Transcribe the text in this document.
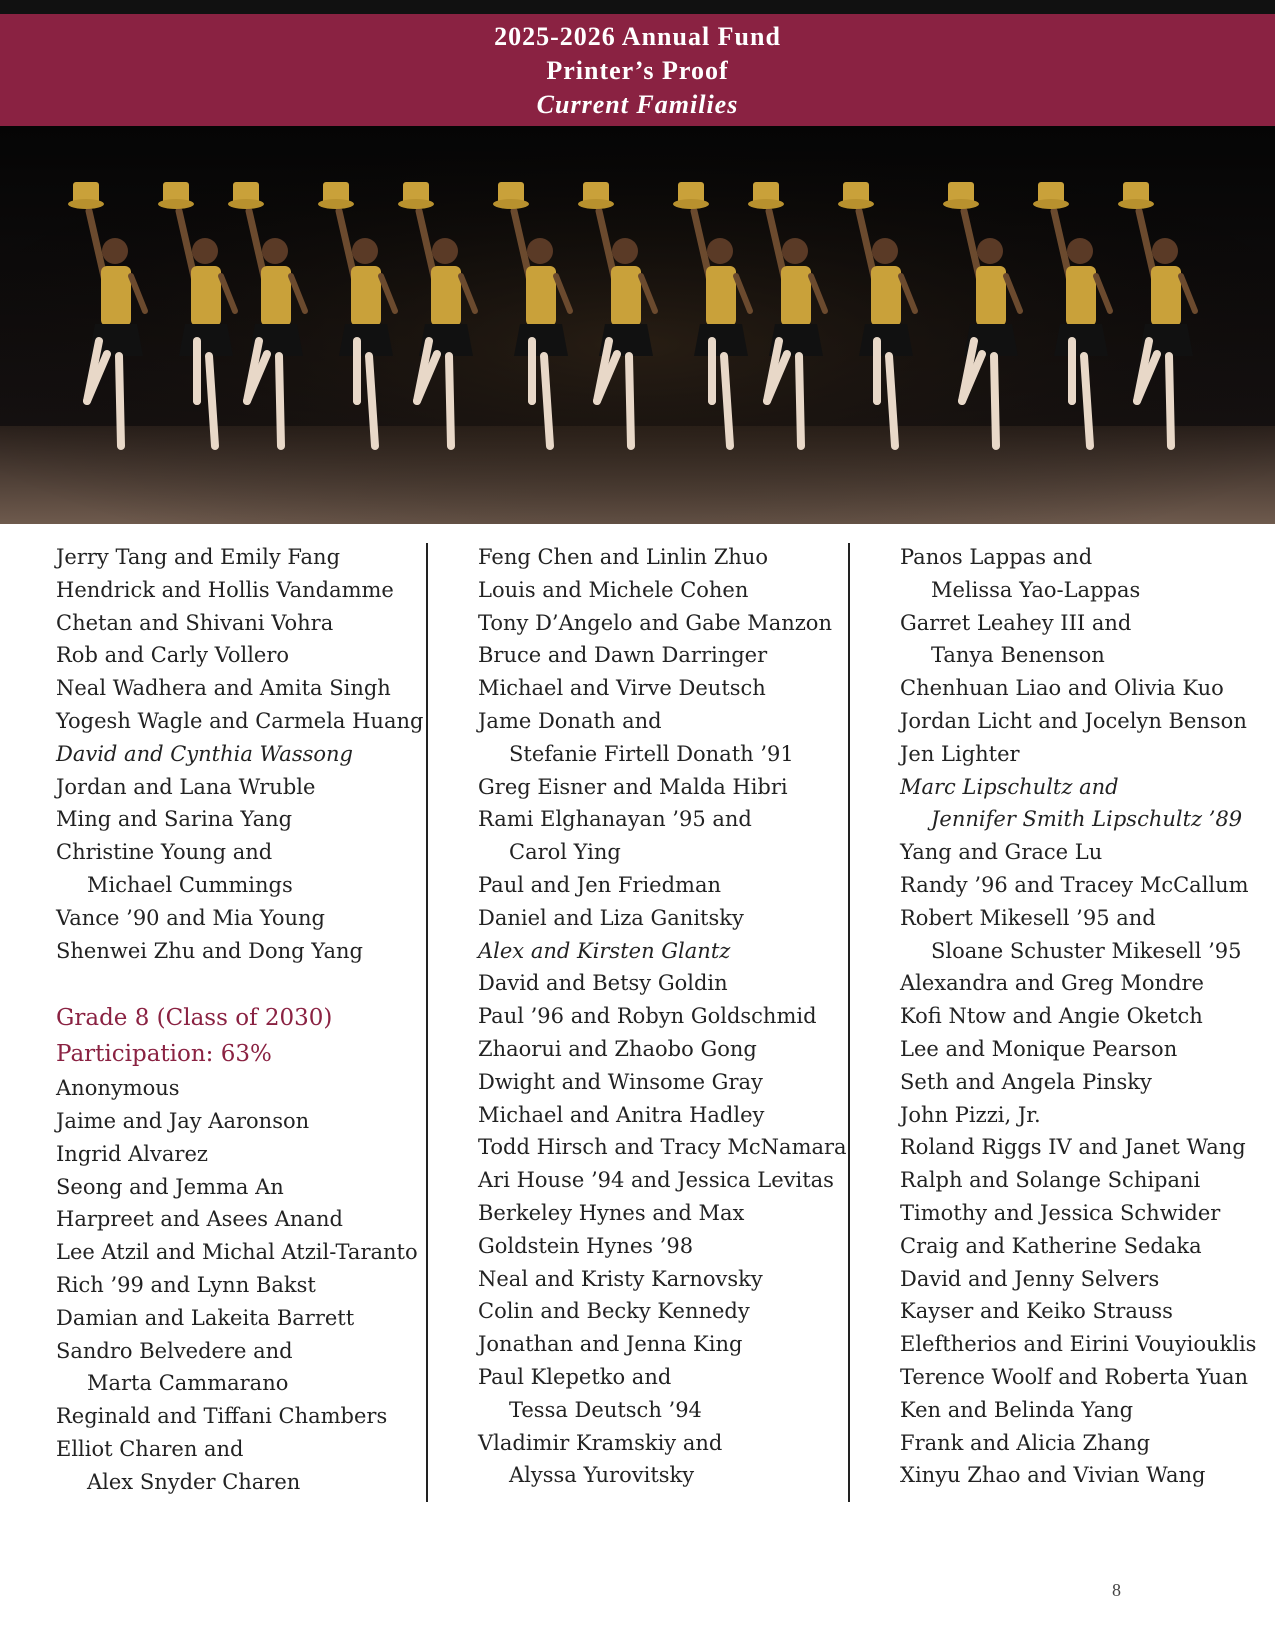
2025-2026 Annual Fund
Printer’s Proof
Current Families
Jerry Tang and Emily Fang
Hendrick and Hollis Vandamme
Chetan and Shivani Vohra
Rob and Carly Vollero
Neal Wadhera and Amita Singh
Yogesh Wagle and Carmela Huang
David and Cynthia Wassong
Jordan and Lana Wruble
Ming and Sarina Yang
Christine Young and
Michael Cummings
Vance ’90 and Mia Young
Shenwei Zhu and Dong Yang
Grade 8 (Class of 2030)
Participation: 63%
Anonymous
Jaime and Jay Aaronson
Ingrid Alvarez
Seong and Jemma An
Harpreet and Asees Anand
Lee Atzil and Michal Atzil-Taranto
Rich ’99 and Lynn Bakst
Damian and Lakeita Barrett
Sandro Belvedere and
Marta Cammarano
Reginald and Tiffani Chambers
Elliot Charen and
Alex Snyder Charen
Feng Chen and Linlin Zhuo
Louis and Michele Cohen
Tony D’Angelo and Gabe Manzon
Bruce and Dawn Darringer
Michael and Virve Deutsch
Jame Donath and
Stefanie Firtell Donath ’91
Greg Eisner and Malda Hibri
Rami Elghanayan ’95 and
Carol Ying
Paul and Jen Friedman
Daniel and Liza Ganitsky
Alex and Kirsten Glantz
David and Betsy Goldin
Paul ’96 and Robyn Goldschmid
Zhaorui and Zhaobo Gong
Dwight and Winsome Gray
Michael and Anitra Hadley
Todd Hirsch and Tracy McNamara
Ari House ’94 and Jessica Levitas
Berkeley Hynes and Max
Goldstein Hynes ’98
Neal and Kristy Karnovsky
Colin and Becky Kennedy
Jonathan and Jenna King
Paul Klepetko and
Tessa Deutsch ’94
Vladimir Kramskiy and
Alyssa Yurovitsky
Panos Lappas and
Melissa Yao-Lappas
Garret Leahey III and
Tanya Benenson
Chenhuan Liao and Olivia Kuo
Jordan Licht and Jocelyn Benson
Jen Lighter
Marc Lipschultz and
Jennifer Smith Lipschultz ’89
Yang and Grace Lu
Randy ’96 and Tracey McCallum
Robert Mikesell ’95 and
Sloane Schuster Mikesell ’95
Alexandra and Greg Mondre
Kofi Ntow and Angie Oketch
Lee and Monique Pearson
Seth and Angela Pinsky
John Pizzi, Jr.
Roland Riggs IV and Janet Wang
Ralph and Solange Schipani
Timothy and Jessica Schwider
Craig and Katherine Sedaka
David and Jenny Selvers
Kayser and Keiko Strauss
Eleftherios and Eirini Vouyiouklis
Terence Woolf and Roberta Yuan
Ken and Belinda Yang
Frank and Alicia Zhang
Xinyu Zhao and Vivian Wang
8
